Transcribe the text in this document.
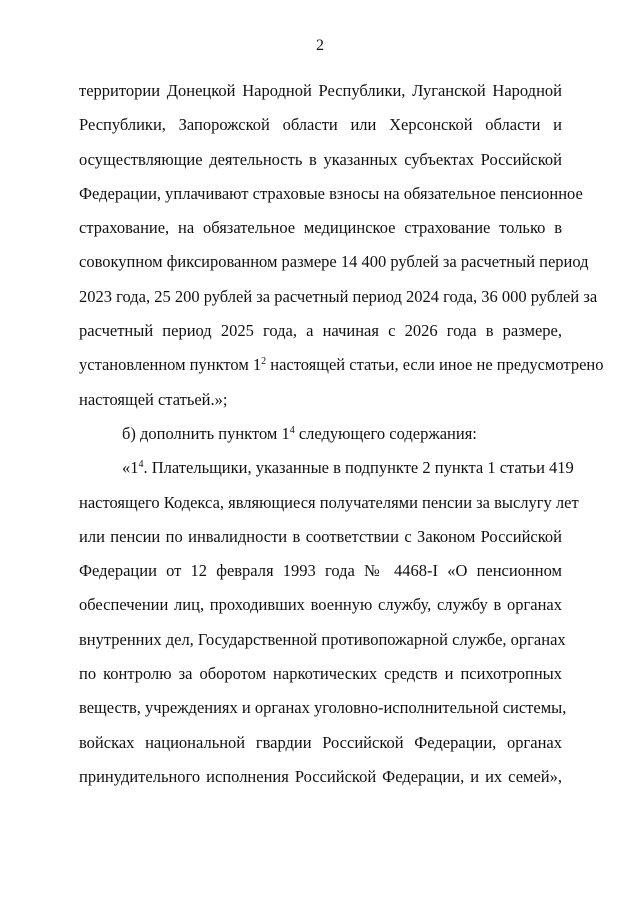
2
территории Донецкой Народной Республики, Луганской Народной
Республики, Запорожской области или Херсонской области и
осуществляющие деятельность в указанных субъектах Российской
Федерации, уплачивают страховые взносы на обязательное пенсионное
страхование, на обязательное медицинское страхование только в
совокупном фиксированном размере 14 400 рублей за расчетный период
2023 года, 25 200 рублей за расчетный период 2024 года, 36 000 рублей за
расчетный период 2025 года, а начиная с 2026 года в размере,
установленном пунктом $1^2$ настоящей статьи, если иное не предусмотрено
настоящей статьей.»;
б) дополнить пунктом $1^4$ следующего содержания:
«$1^4$. Плательщики, указанные в подпункте 2 пункта 1 статьи 419
настоящего Кодекса, являющиеся получателями пенсии за выслугу лет
или пенсии по инвалидности в соответствии с Законом Российской
Федерации от 12 февраля 1993 года № 4468-I «О пенсионном
обеспечении лиц, проходивших военную службу, службу в органах
внутренних дел, Государственной противопожарной службе, органах
по контролю за оборотом наркотических средств и психотропных
веществ, учреждениях и органах уголовно-исполнительной системы,
войсках национальной гвардии Российской Федерации, органах
принудительного исполнения Российской Федерации, и их семей»,
